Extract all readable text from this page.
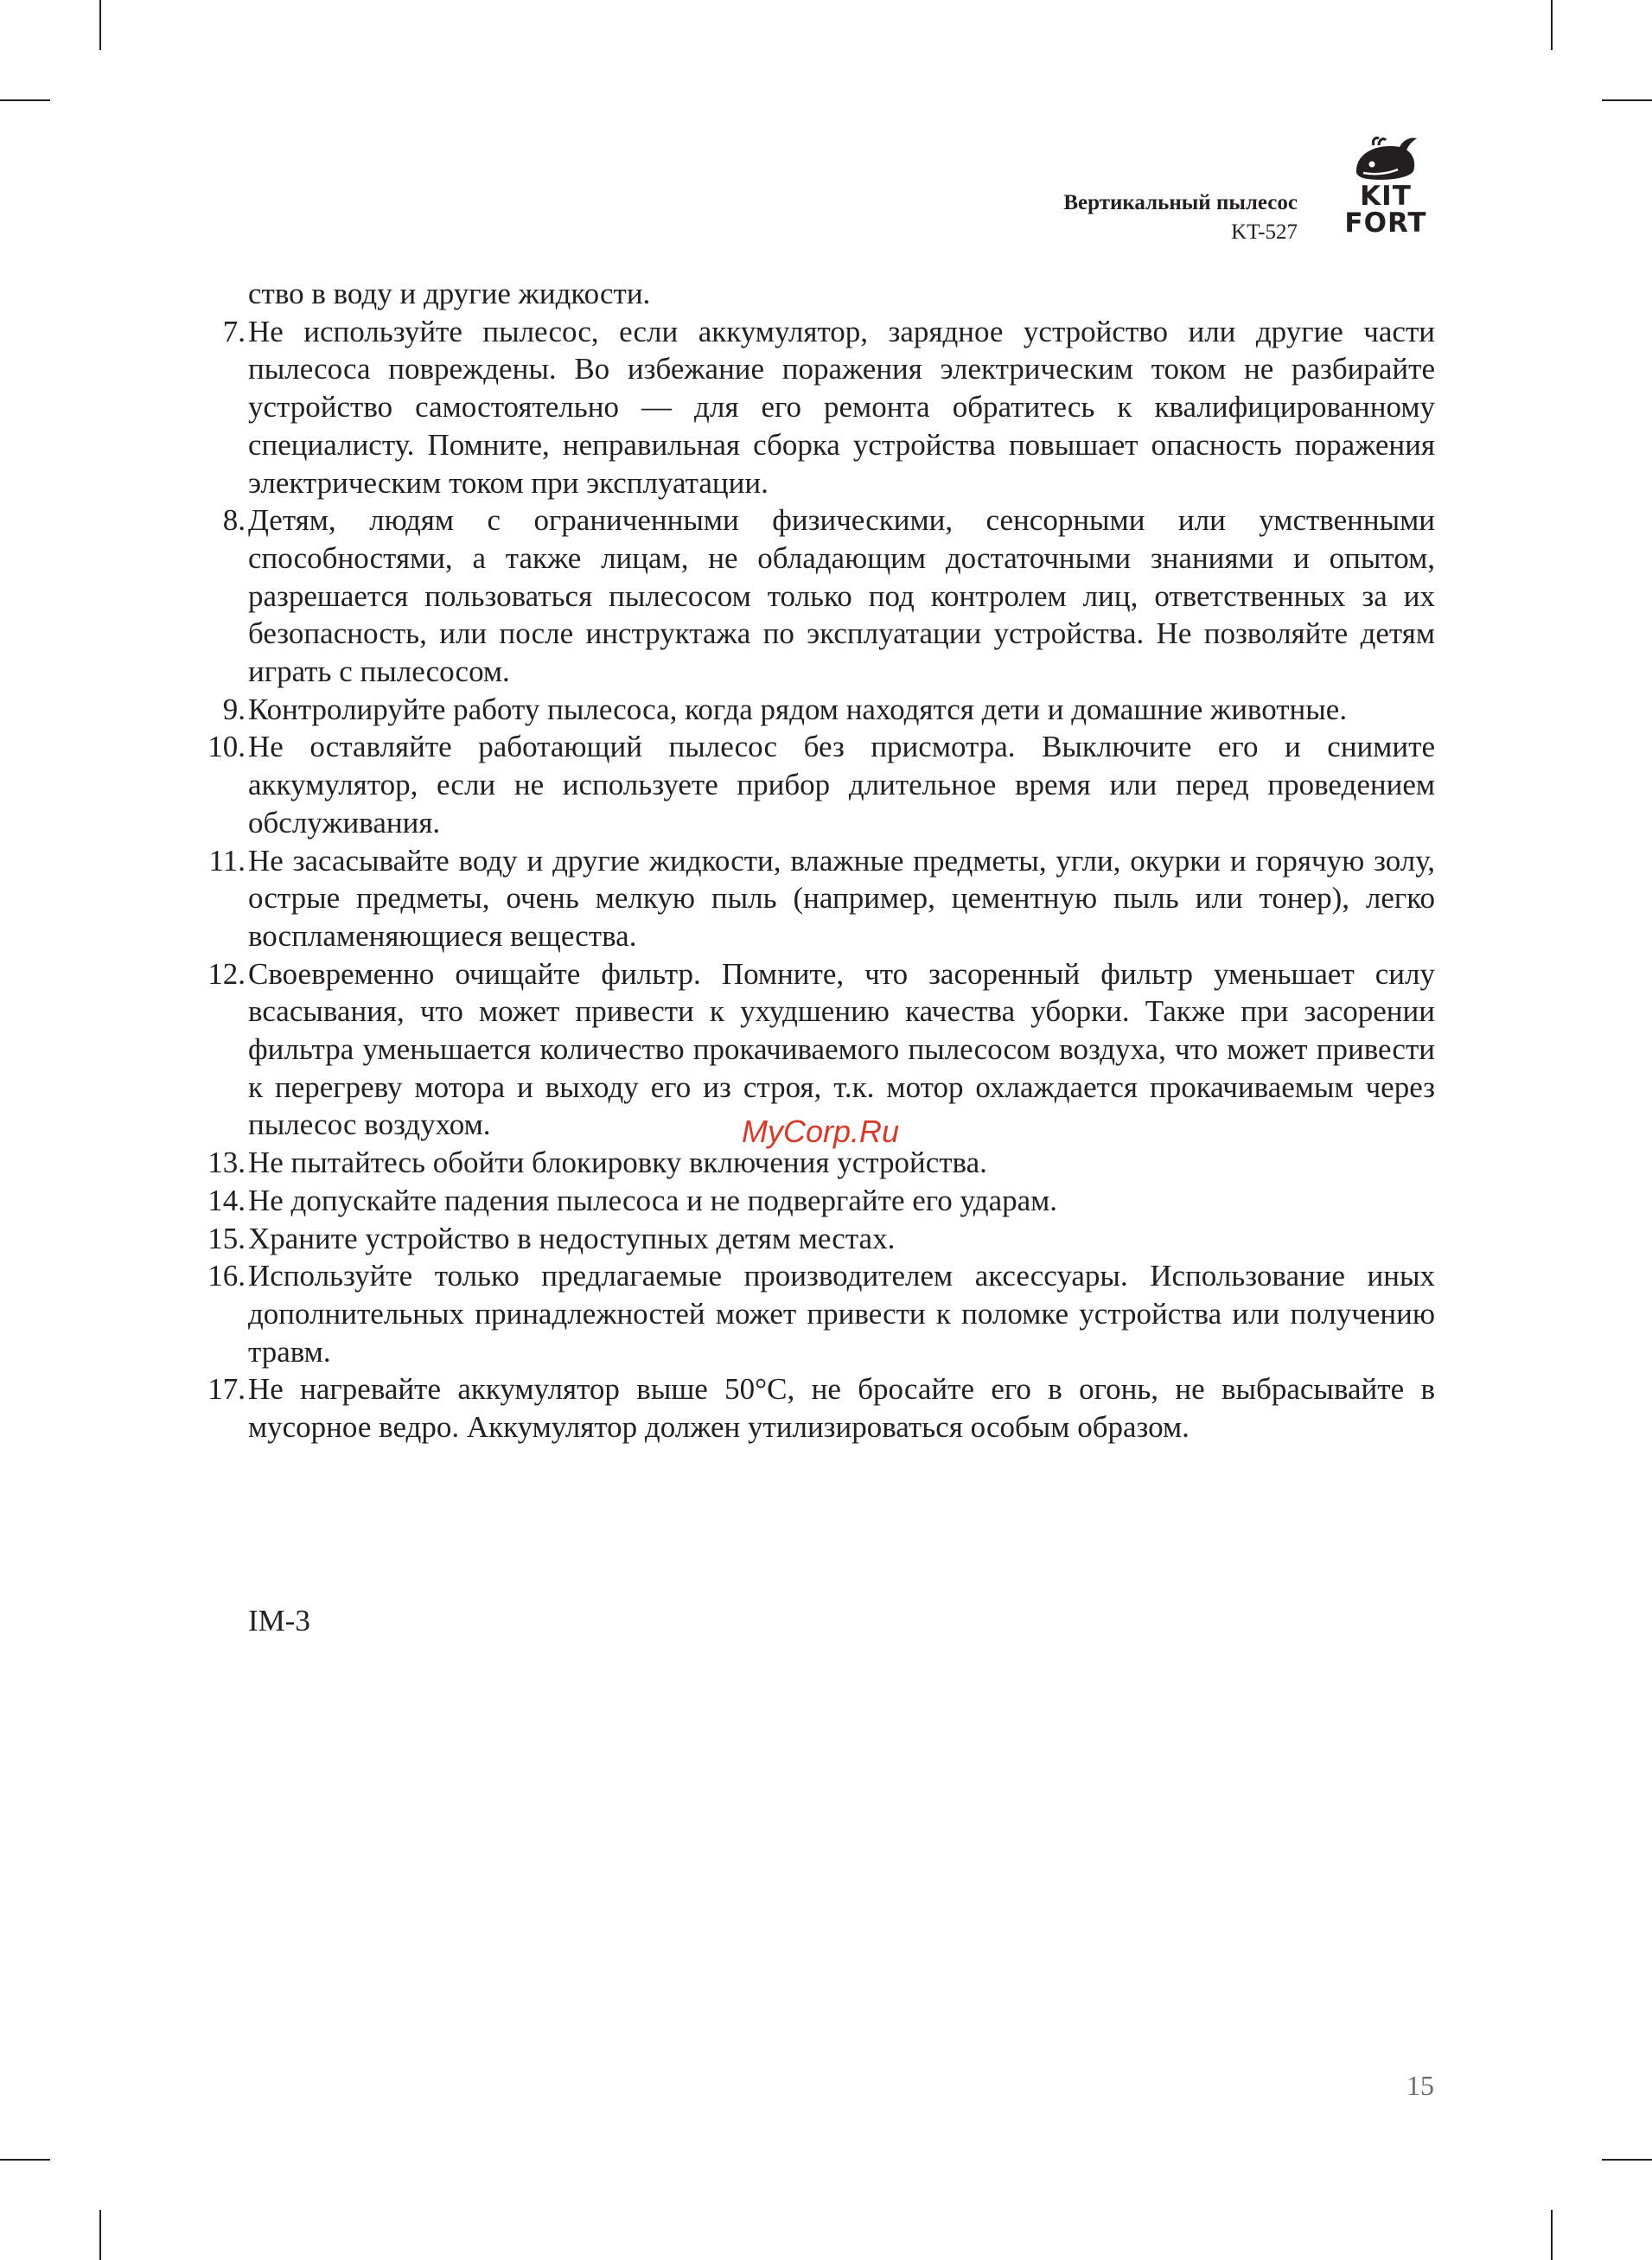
Вертикальный пылесос
KT-527
KIT
FORT
ство в воду и другие жидкости.
7. Не используйте пылесос, если аккумулятор, зарядное устройство или другие части пылесоса повреждены. Во избежание поражения электрическим током не разбирайте устройство самостоятельно — для его ремонта обратитесь к квалифицированному специалисту. Помните, неправильная сборка устройства повышает опасность поражения электрическим током при эксплуатации.
8. Детям, людям с ограниченными физическими, сенсорными или умственными способностями, а также лицам, не обладающим достаточными знаниями и опытом, разрешается пользоваться пылесосом только под контролем лиц, ответственных за их безопасность, или после инструктажа по эксплуатации устройства. Не позволяйте детям играть с пылесосом.
9. Контролируйте работу пылесоса, когда рядом находятся дети и домашние животные.
10. Не оставляйте работающий пылесос без присмотра. Выключите его и снимите аккумулятор, если не используете прибор длительное время или перед проведением обслуживания.
11. Не засасывайте воду и другие жидкости, влажные предметы, угли, окурки и горячую золу, острые предметы, очень мелкую пыль (например, цементную пыль или тонер), легко воспламеняющиеся вещества.
12. Своевременно очищайте фильтр. Помните, что засоренный фильтр уменьшает силу всасывания, что может привести к ухудшению качества уборки. Также при засорении фильтра уменьшается количество прокачиваемого пылесосом воздуха, что может привести к перегреву мотора и выходу его из строя, т.к. мотор охлаждается прокачиваемым через пылесос воздухом.
13. Не пытайтесь обойти блокировку включения устройства.
14. Не допускайте падения пылесоса и не подвергайте его ударам.
15. Храните устройство в недоступных детям местах.
16. Используйте только предлагаемые производителем аксессуары. Использование иных дополнительных принадлежностей может привести к поломке устройства или получению травм.
17. Не нагревайте аккумулятор выше 50°С, не бросайте его в огонь, не выбрасывайте в мусорное ведро. Аккумулятор должен утилизироваться особым образом.
MyCorp.Ru
IM-3
15
